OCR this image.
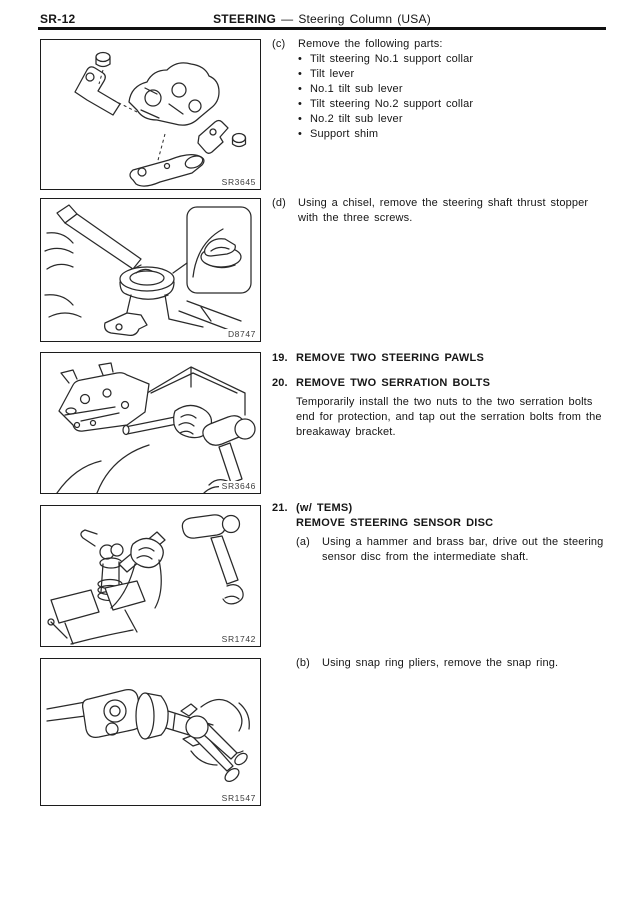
SR-12	STEERING — Steering Column (USA)
SR3645
D8747
SR3646
SR1742
SR1547
(c)	Remove the following parts:
• Tilt steering No.1 support collar
• Tilt lever
• No.1 tilt sub lever
• Tilt steering No.2 support collar
• No.2 tilt sub lever
• Support shim
(d)	Using a chisel, remove the steering shaft thrust stopper with the three screws.
19. REMOVE TWO STEERING PAWLS
20. REMOVE TWO SERRATION BOLTS
Temporarily install the two nuts to the two serration bolts end for protection, and tap out the serration bolts from the breakaway bracket.
21. (w/ TEMS)
REMOVE STEERING SENSOR DISC
(a)	Using a hammer and brass bar, drive out the steering sensor disc from the intermediate shaft.
(b)	Using snap ring pliers, remove the snap ring.
